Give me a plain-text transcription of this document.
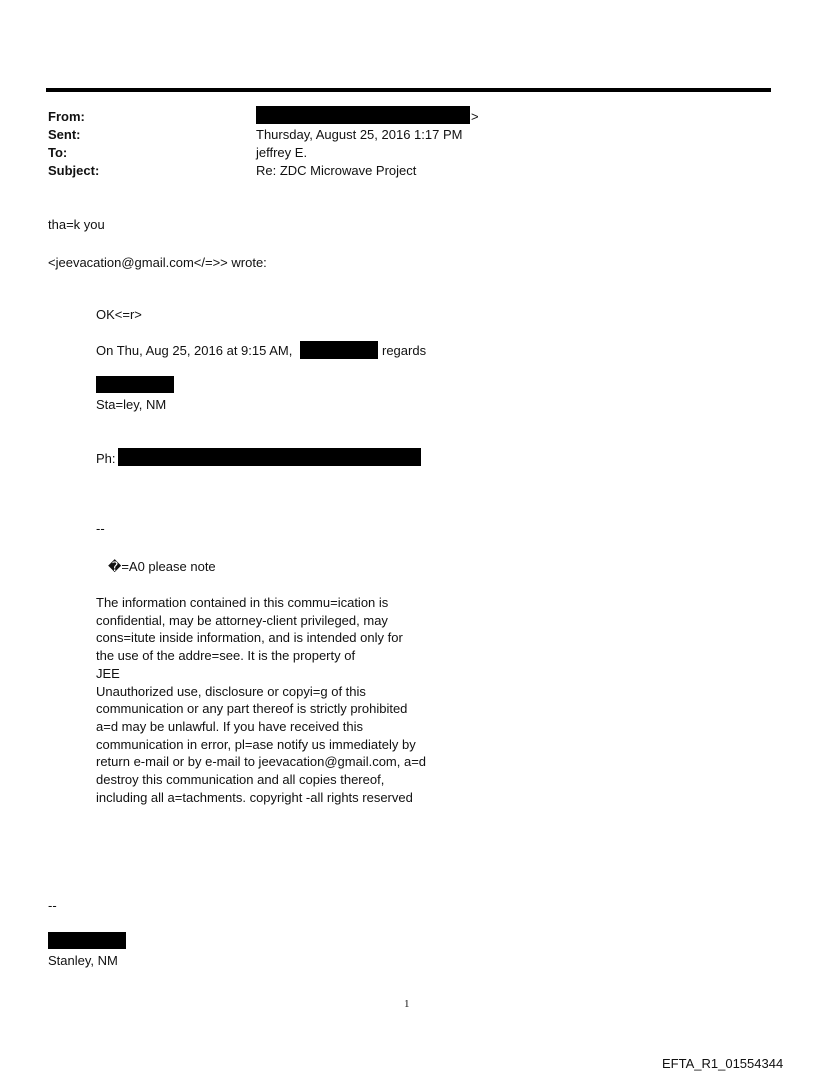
From:	>
Sent:	Thursday, August 25, 2016 1:17 PM
To:	jeffrey E.
Subject:	Re: ZDC Microwave Project
tha=k you
<jeevacation@gmail.com</=>> wrote:
OK<=r>
On Thu, Aug 25, 2016 at 9:15 AM,	regards
Sta=ley, NM
Ph:
--
�=A0 please note
The information contained in this commu=ication is
confidential, may be attorney-client privileged, may
cons=itute inside information, and is intended only for
the use of the addre=see. It is the property of
JEE
Unauthorized use, disclosure or copyi=g of this
communication or any part thereof is strictly prohibited
a=d may be unlawful. If you have received this
communication in error, pl=ase notify us immediately by
return e-mail or by e-mail to jeevacation@gmail.com, a=d
destroy this communication and all copies thereof,
including all a=tachments. copyright -all rights reserved
--
Stanley, NM
1
EFTA_R1_01554344
